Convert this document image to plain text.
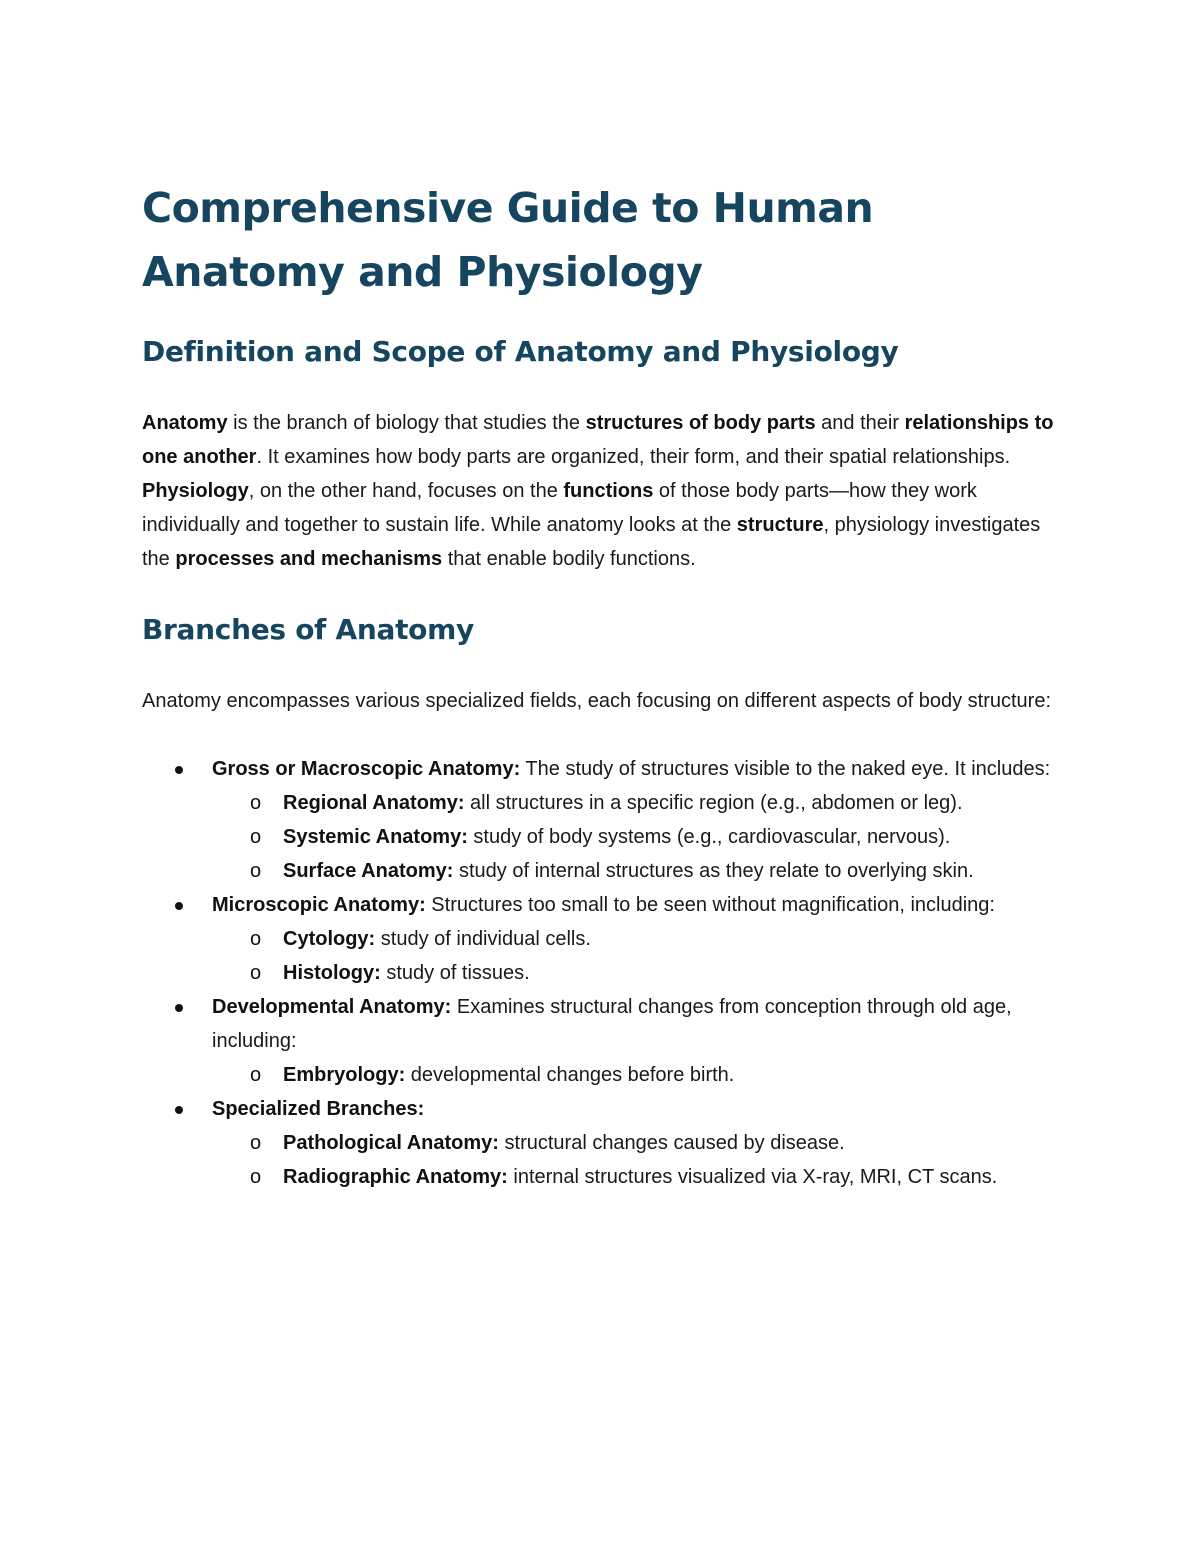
Comprehensive Guide to Human Anatomy and Physiology
Definition and Scope of Anatomy and Physiology

Anatomy is the branch of biology that studies the structures of body parts and their relationships to one another. It examines how body parts are organized, their form, and their spatial relationships. Physiology, on the other hand, focuses on the functions of those body parts—how they work individually and together to sustain life. While anatomy looks at the structure, physiology investigates the processes and mechanisms that enable bodily functions.

Branches of Anatomy

Anatomy encompasses various specialized fields, each focusing on different aspects of body structure:

Gross or Macroscopic Anatomy: The study of structures visible to the naked eye. It includes:
o Regional Anatomy: all structures in a specific region (e.g., abdomen or leg).
o Systemic Anatomy: study of body systems (e.g., cardiovascular, nervous).
o Surface Anatomy: study of internal structures as they relate to overlying skin.
Microscopic Anatomy: Structures too small to be seen without magnification, including:
o Cytology: study of individual cells.
o Histology: study of tissues.
Developmental Anatomy: Examines structural changes from conception through old age, including:
o Embryology: developmental changes before birth.
Specialized Branches:
o Pathological Anatomy: structural changes caused by disease.
o Radiographic Anatomy: internal structures visualized via X-ray, MRI, CT scans.
